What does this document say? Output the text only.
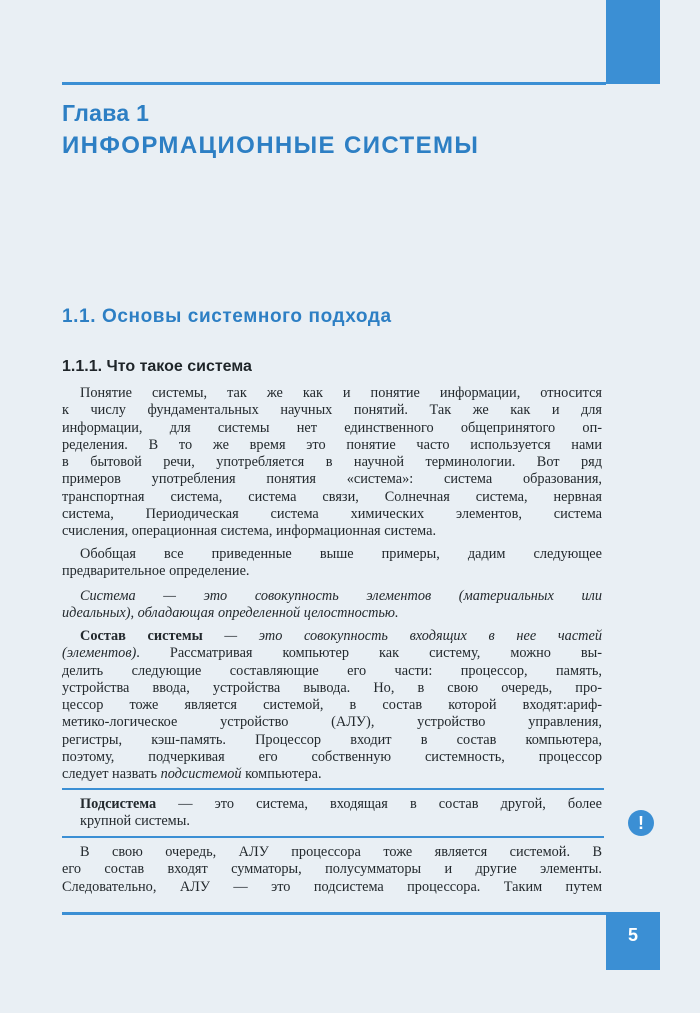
Глава 1
ИНФОРМАЦИОННЫЕ СИСТЕМЫ
1.1. Основы системного подхода
1.1.1. Что такое система
Понятие системы, так же как и понятие информации, относится
к числу фундаментальных научных понятий. Так же как и для
информации, для системы нет единственного общепринятого оп-
ределения. В то же время это понятие часто используется нами
в бытовой речи, употребляется в научной терминологии. Вот ряд
примеров употребления понятия «система»: система образования,
транспортная система, система связи, Солнечная система, нервная
система, Периодическая система химических элементов, система
счисления, операционная система, информационная система.
Обобщая все приведенные выше примеры, дадим следующее
предварительное определение.
Система — это совокупность элементов (материальных или
идеальных), обладающая определенной целостностью.
Состав системы — это совокупность входящих в нее частей
(элементов). Рассматривая компьютер как систему, можно вы-
делить следующие составляющие его части: процессор, память,
устройства ввода, устройства вывода. Но, в свою очередь, про-
цессор тоже является системой, в состав которой входят:ариф-
метико-логическое устройство (АЛУ), устройство управления,
регистры, кэш-память. Процессор входит в состав компьютера,
поэтому, подчеркивая его собственную системность, процессор
следует назвать подсистемой компьютера.
Подсистема — это система, входящая в состав другой, более
крупной системы.	!
В свою очередь, АЛУ процессора тоже является системой. В
его состав входят сумматоры, полусумматоры и другие элементы.
Следовательно, АЛУ — это подсистема процессора. Таким путем
5
